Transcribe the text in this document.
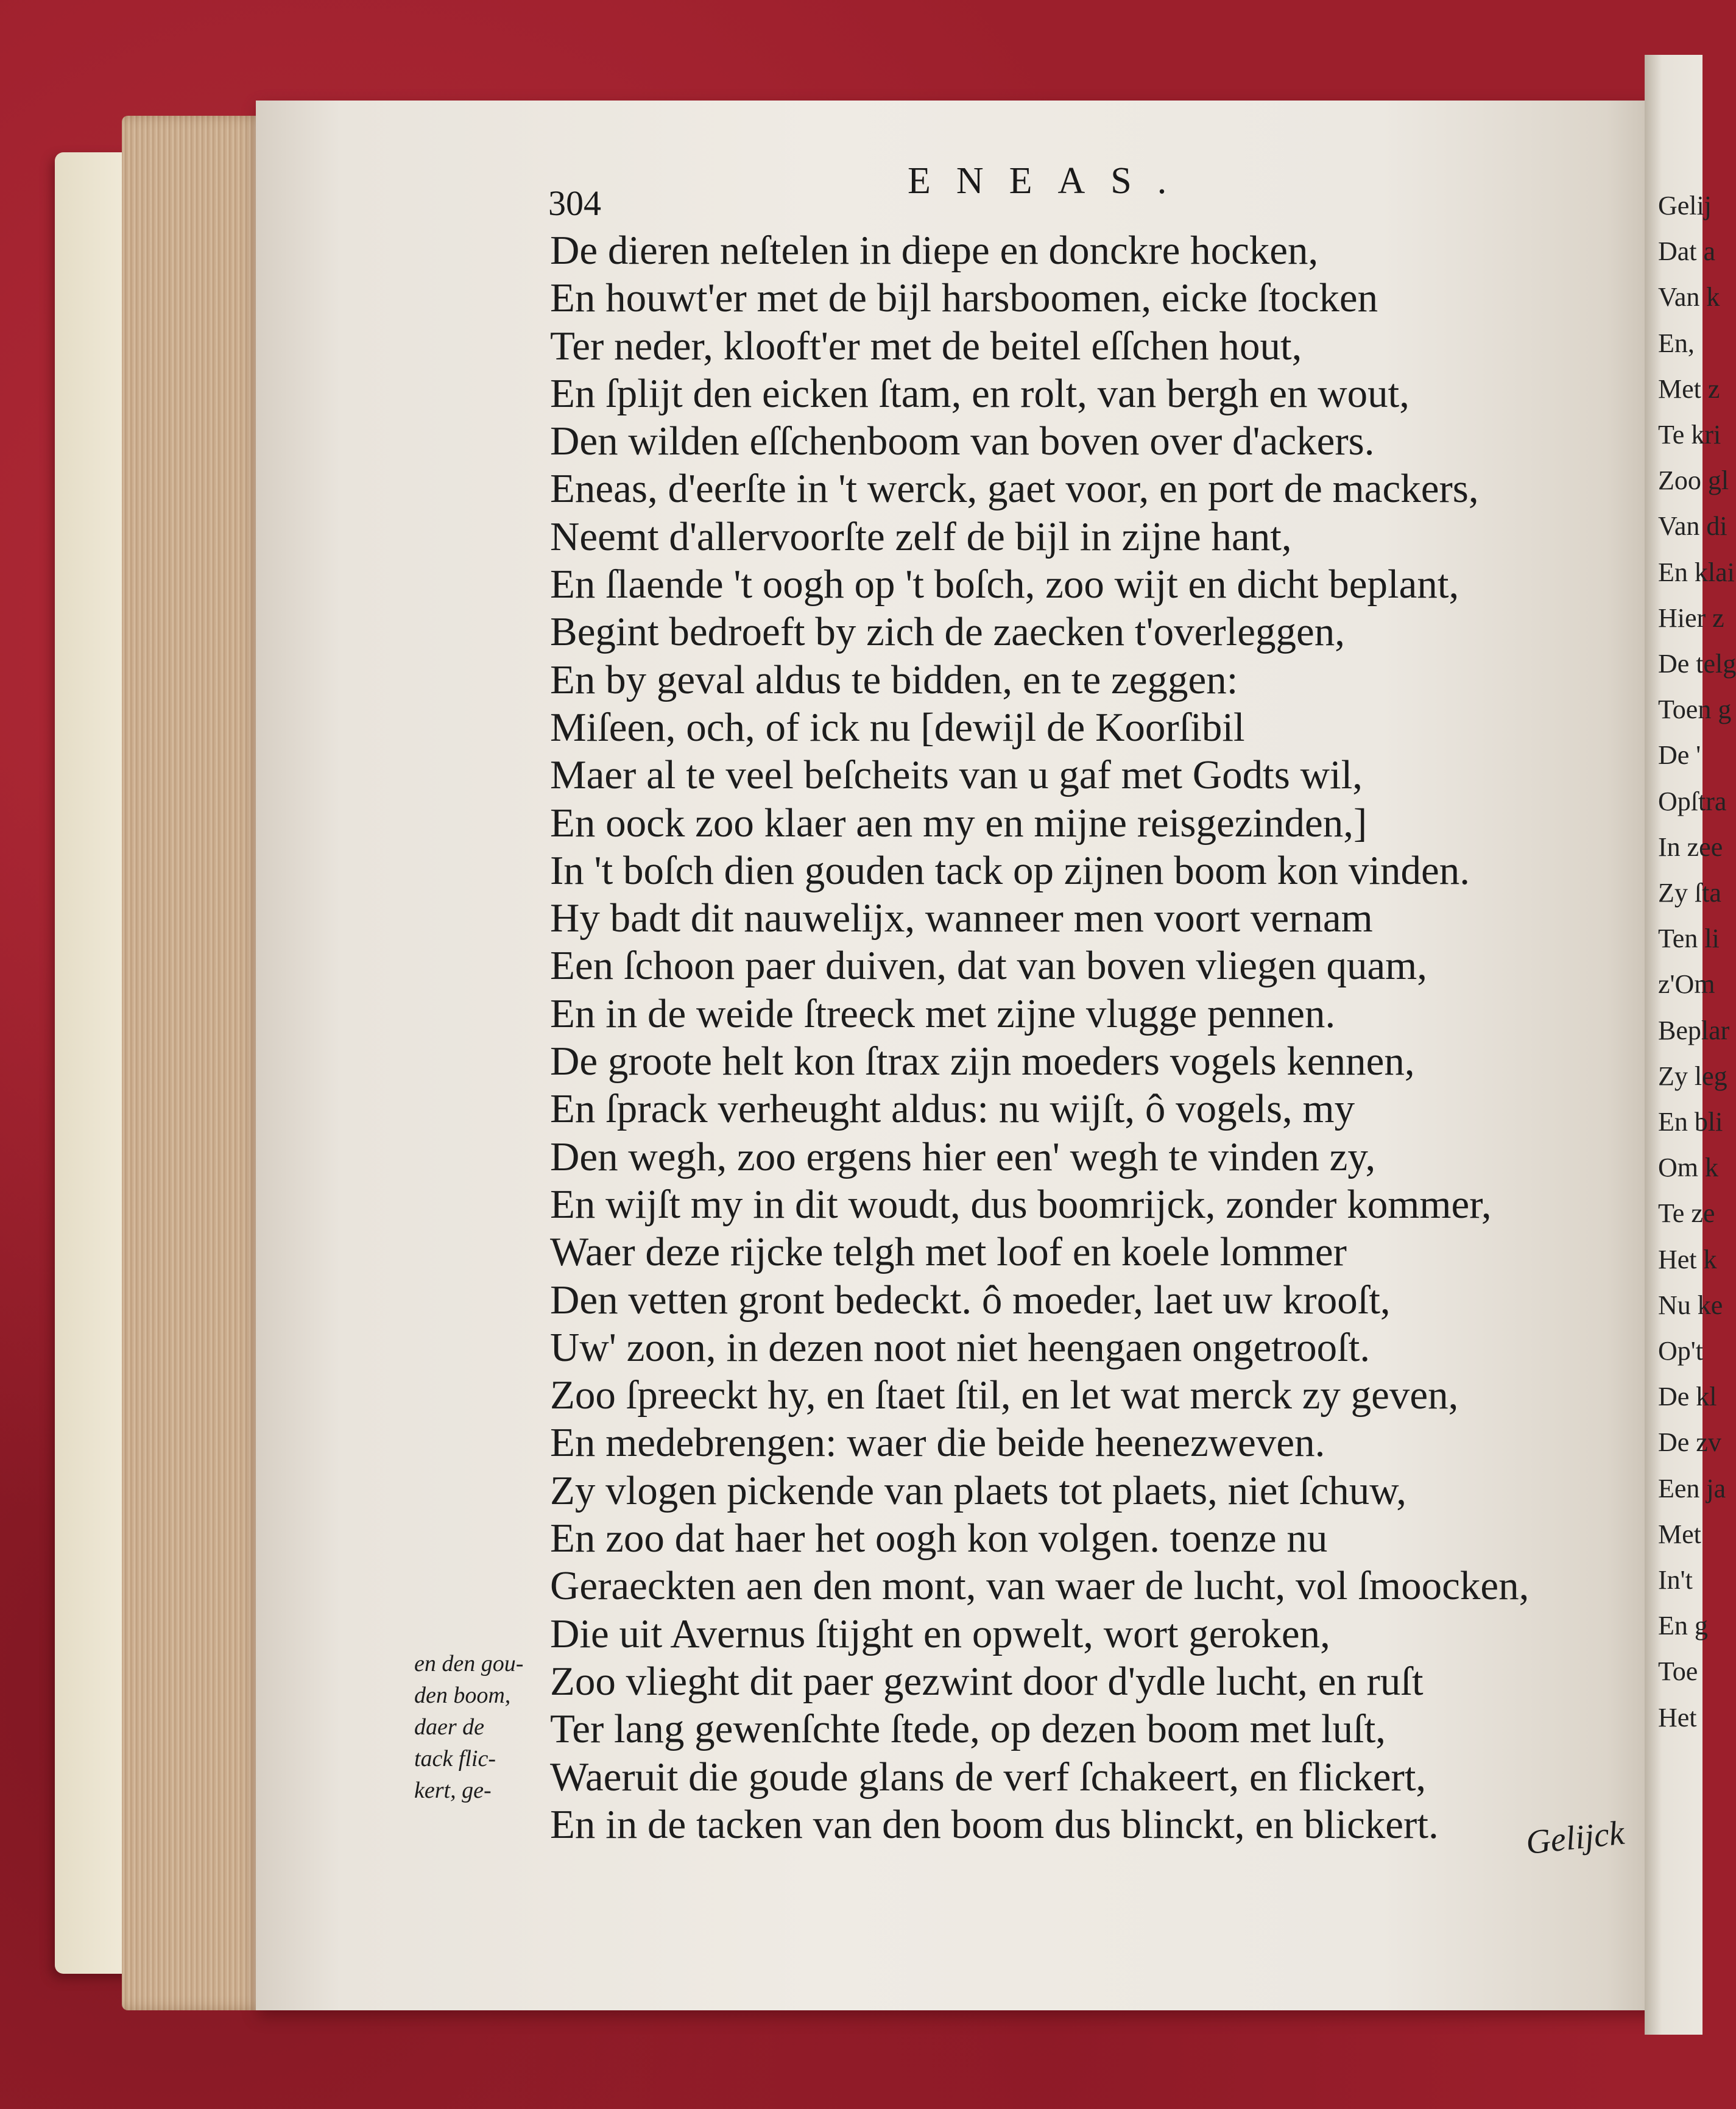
Gelij
Dat a
Van k
En,
Met z
Te kri
Zoo gl
Van di
En klai
Hier z
De telg
Toen g
De '
Opſtra
In zee
Zy ſta
Ten li
z'Om
Beplar
Zy leg
En bli
Om k
Te ze
Het k
Nu ke
Op't
De kl
De zv
Een ja
Met
In't
En g
Toe
Het
304
ENEAS.
De dieren neſtelen in diepe en donckre hocken,
En houwt'er met de bijl harsboomen, eicke ſtocken
Ter neder, klooft'er met de beitel eſſchen hout,
En ſplijt den eicken ſtam, en rolt, van bergh en wout,
Den wilden eſſchenboom van boven over d'ackers.
Eneas, d'eerſte in 't werck, gaet voor, en port de mackers,
Neemt d'allervoorſte zelf de bijl in zijne hant,
En ſlaende 't oogh op 't boſch, zoo wijt en dicht beplant,
Begint bedroeft by zich de zaecken t'overleggen,
En by geval aldus te bidden, en te zeggen:
Miſeen, och, of ick nu [dewijl de Koorſibil
Maer al te veel beſcheits van u gaf met Godts wil,
En oock zoo klaer aen my en mijne reisgezinden,]
In 't boſch dien gouden tack op zijnen boom kon vinden.
Hy badt dit nauwelijx, wanneer men voort vernam
Een ſchoon paer duiven, dat van boven vliegen quam,
En in de weide ſtreeck met zijne vlugge pennen.
De groote helt kon ſtrax zijn moeders vogels kennen,
En ſprack verheught aldus: nu wijſt, ô vogels, my
Den wegh, zoo ergens hier een' wegh te vinden zy,
En wijſt my in dit woudt, dus boomrijck, zonder kommer,
Waer deze rijcke telgh met loof en koele lommer
Den vetten gront bedeckt. ô moeder, laet uw krooſt,
Uw' zoon, in dezen noot niet heengaen ongetrooſt.
Zoo ſpreeckt hy, en ſtaet ſtil, en let wat merck zy geven,
En medebrengen: waer die beide heenezweven.
Zy vlogen pickende van plaets tot plaets, niet ſchuw,
En zoo dat haer het oogh kon volgen. toenze nu
Geraeckten aen den mont, van waer de lucht, vol ſmoocken,
Die uit Avernus ſtijght en opwelt, wort geroken,
Zoo vlieght dit paer gezwint door d'ydle lucht, en ruſt
Ter lang gewenſchte ſtede, op dezen boom met luſt,
Waeruit die goude glans de verf ſchakeert, en flickert,
En in de tacken van den boom dus blinckt, en blickert.
en den gou-
den boom,
daer de
tack flic-
kert, ge-
Gelijck
